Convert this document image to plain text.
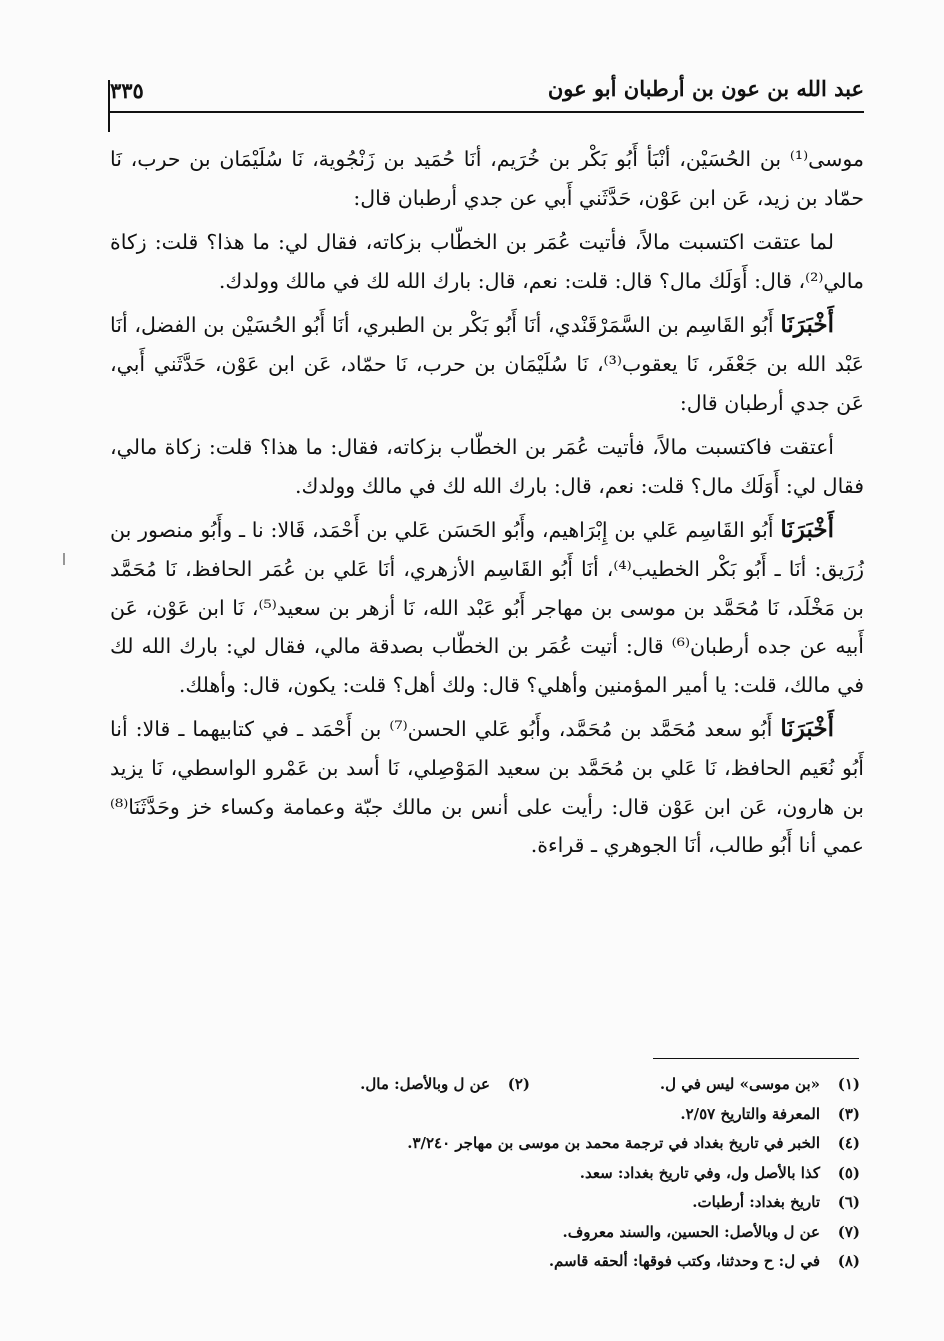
عبد الله بن عون بن أرطبان أبو عون
٣٣٥

موسى⁽¹⁾ بن الحُسَيْن، أنْبَأ أَبُو بَكْر بن خُرَيم، أنَا حُمَيد بن زَنْجُوية، نَا سُلَيْمَان بن حرب، نَا حمّاد بن زيد، عَن ابن عَوْن، حَدَّثَني أَبي عن جدي أرطبان قال:

لما عتقت اكتسبت مالاً، فأتيت عُمَر بن الخطّاب بزكاته، فقال لي: ما هذا؟ قلت: زكاة مالي⁽²⁾، قال: أَوَلَك مال؟ قال: قلت: نعم، قال: بارك الله لك في مالك وولدك.

أَخْبَرَنَا أَبُو القَاسِم بن السَّمَرْقَنْدي، أنَا أَبُو بَكْر بن الطبري، أنَا أَبُو الحُسَيْن بن الفضل، أنَا عَبْد الله بن جَعْفَر، نَا يعقوب⁽³⁾، نَا سُلَيْمَان بن حرب، نَا حمّاد، عَن ابن عَوْن، حَدَّثَني أَبي، عَن جدي أرطبان قال:

أعتقت فاكتسبت مالاً، فأتيت عُمَر بن الخطّاب بزكاته، فقال: ما هذا؟ قلت: زكاة مالي، فقال لي: أَوَلَك مال؟ قلت: نعم، قال: بارك الله لك في مالك وولدك.

أَخْبَرَنَا أَبُو القَاسِم عَلي بن إِبْرَاهيم، وأَبُو الحَسَن عَلي بن أَحْمَد، قَالا: نا ـ وأَبُو منصور بن زُرَيق: أنَا ـ أَبُو بَكْر الخطيب⁽⁴⁾، أنَا أَبُو القَاسِم الأزهري، أنَا عَلي بن عُمَر الحافظ، نَا مُحَمَّد بن مَخْلَد، نَا مُحَمَّد بن موسى بن مهاجر أَبُو عَبْد الله، نَا أزهر بن سعيد⁽⁵⁾، نَا ابن عَوْن، عَن أَبيه عن جده أرطبان⁽⁶⁾ قال: أتيت عُمَر بن الخطّاب بصدقة مالي، فقال لي: بارك الله لك في مالك، قلت: يا أمير المؤمنين وأهلي؟ قال: ولك أهل؟ قلت: يكون، قال: وأهلك.

أَخْبَرَنَا أَبُو سعد مُحَمَّد بن مُحَمَّد، وأَبُو عَلي الحسن⁽⁷⁾ بن أَحْمَد ـ في كتابيهما ـ قالا: أنا أَبُو نُعَيم الحافظ، نَا عَلي بن مُحَمَّد بن سعيد المَوْصِلي، نَا أسد بن عَمْرو الواسطي، نَا يزيد بن هارون، عَن ابن عَوْن قال: رأيت على أنس بن مالك جبّة وعمامة وكساء خز وحَدَّثَنَا⁽⁸⁾ عمي أنا أَبُو طالب، أنَا الجوهري ـ قراءة.

(١)
«بن موسى» ليس في ل.
(٢)
عن ل وبالأصل: مال.
(٣)
المعرفة والتاريخ ٢/٥٧.
(٤)
الخبر في تاريخ بغداد في ترجمة محمد بن موسى بن مهاجر ٣/٢٤٠.
(٥)
كذا بالأصل ول، وفي تاريخ بغداد: سعد.
(٦)
تاريخ بغداد: أرطبات.
(٧)
عن ل وبالأصل: الحسين، والسند معروف.
(٨)
في ل: ح وحدثنا، وكتب فوقها: ألحقه قاسم.
